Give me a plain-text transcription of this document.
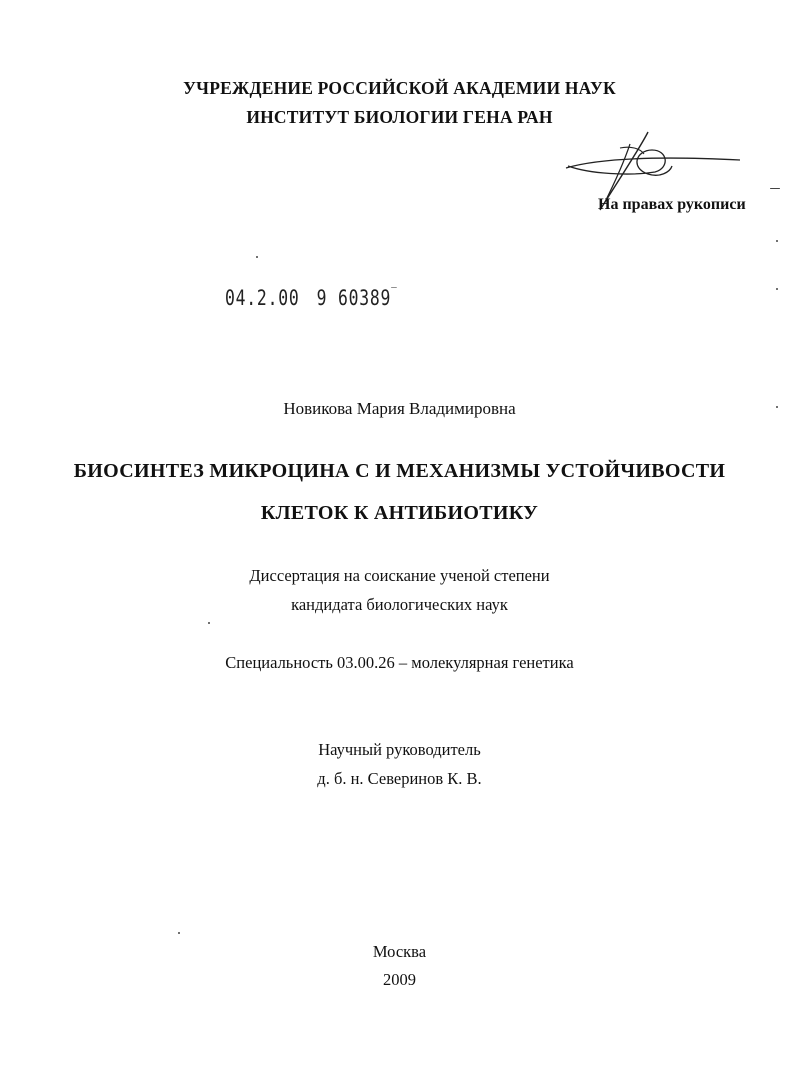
УЧРЕЖДЕНИЕ РОССИЙСКОЙ АКАДЕМИИ НАУК
ИНСТИТУТ БИОЛОГИИ ГЕНА РАН
На правах рукописи
04.2.00 9 60389‾
Новикова Мария Владимировна
БИОСИНТЕЗ МИКРОЦИНА С И МЕХАНИЗМЫ УСТОЙЧИВОСТИ
КЛЕТОК К АНТИБИОТИКУ
Диссертация на соискание ученой степени
кандидата биологических наук
Специальность 03.00.26 – молекулярная генетика
Научный руководитель
д. б. н. Северинов К. В.
Москва
2009
